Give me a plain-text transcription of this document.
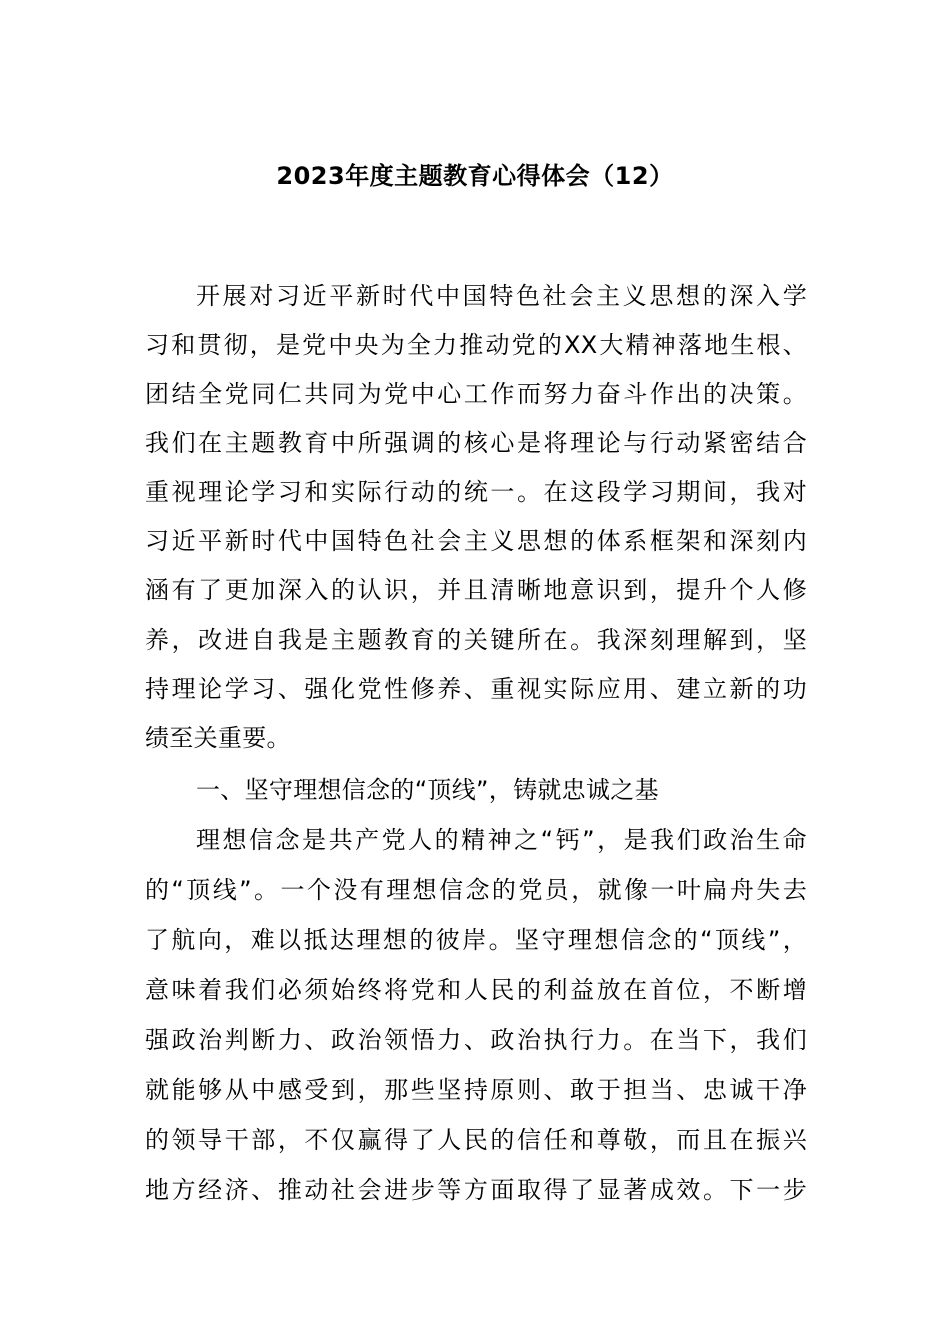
2023年度主题教育心得体会（12）
开展对习近平新时代中国特色社会主义思想的深入学
习和贯彻，是党中央为全力推动党的XX大精神落地生根、
团结全党同仁共同为党中心工作而努力奋斗作出的决策。
我们在主题教育中所强调的核心是将理论与行动紧密结合
重视理论学习和实际行动的统一。在这段学习期间，我对
习近平新时代中国特色社会主义思想的体系框架和深刻内
涵有了更加深入的认识，并且清晰地意识到，提升个人修
养，改进自我是主题教育的关键所在。我深刻理解到，坚
持理论学习、强化党性修养、重视实际应用、建立新的功
绩至关重要。
一、坚守理想信念的“顶线”，铸就忠诚之基
理想信念是共产党人的精神之“钙”，是我们政治生命
的“顶线”。一个没有理想信念的党员，就像一叶扁舟失去
了航向，难以抵达理想的彼岸。坚守理想信念的“顶线”，
意味着我们必须始终将党和人民的利益放在首位，不断增
强政治判断力、政治领悟力、政治执行力。在当下，我们
就能够从中感受到，那些坚持原则、敢于担当、忠诚干净
的领导干部，不仅赢得了人民的信任和尊敬，而且在振兴
地方经济、推动社会进步等方面取得了显著成效。下一步
